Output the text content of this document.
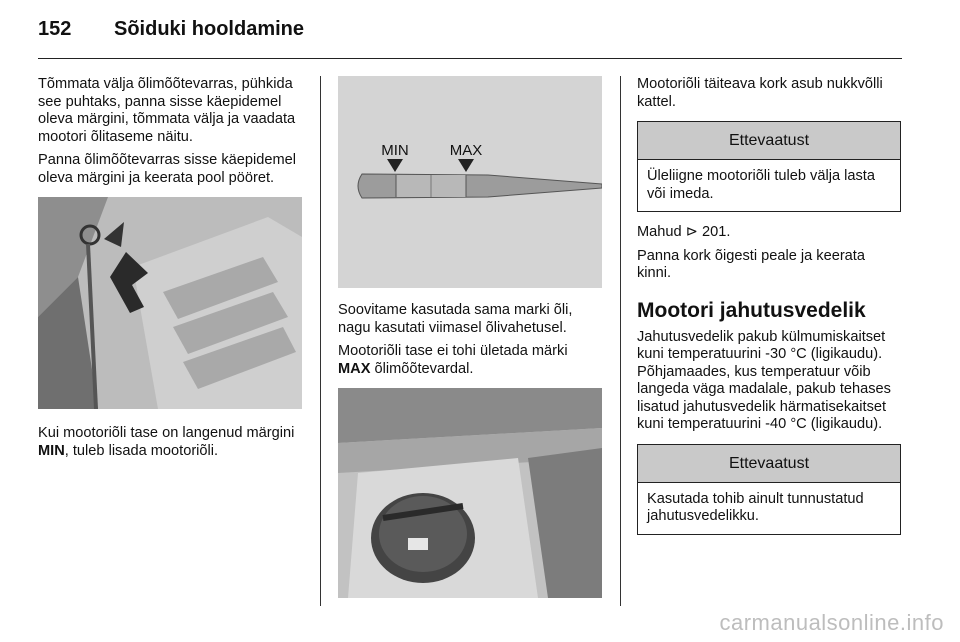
152	Sõiduki hooldamine

Tõmmata välja õlimõõtevarras, pühkida see puhtaks, panna sisse käepidemel oleva märgini, tõmmata välja ja vaadata mootori õlitaseme näitu.

Panna õlimõõtevarras sisse käepidemel oleva märgini ja keerata pool pööret.

Kui mootoriõli tase on langenud märgini MIN, tuleb lisada mootoriõli.

MIN	MAX

Soovitame kasutada sama marki õli, nagu kasutati viimasel õlivahetusel.

Mootoriõli tase ei tohi ületada märki MAX õlimõõtevardal.

Mootoriõli täiteava kork asub nukkvõlli kattel.

Ettevaatust
Üleliigne mootoriõli tuleb välja lasta või imeda.

Mahud ⊳ 201.

Panna kork õigesti peale ja keerata kinni.

Mootori jahutusvedelik

Jahutusvedelik pakub külmumiskaitset kuni temperatuurini -30 °C (ligikaudu). Põhjamaades, kus temperatuur võib langeda väga madalale, pakub tehases lisatud jahutusvedelik härmatisekaitset kuni temperatuurini -40 °C (ligikaudu).

Ettevaatust
Kasutada tohib ainult tunnustatud jahutusvedelikku.
carmanualsonline.info
